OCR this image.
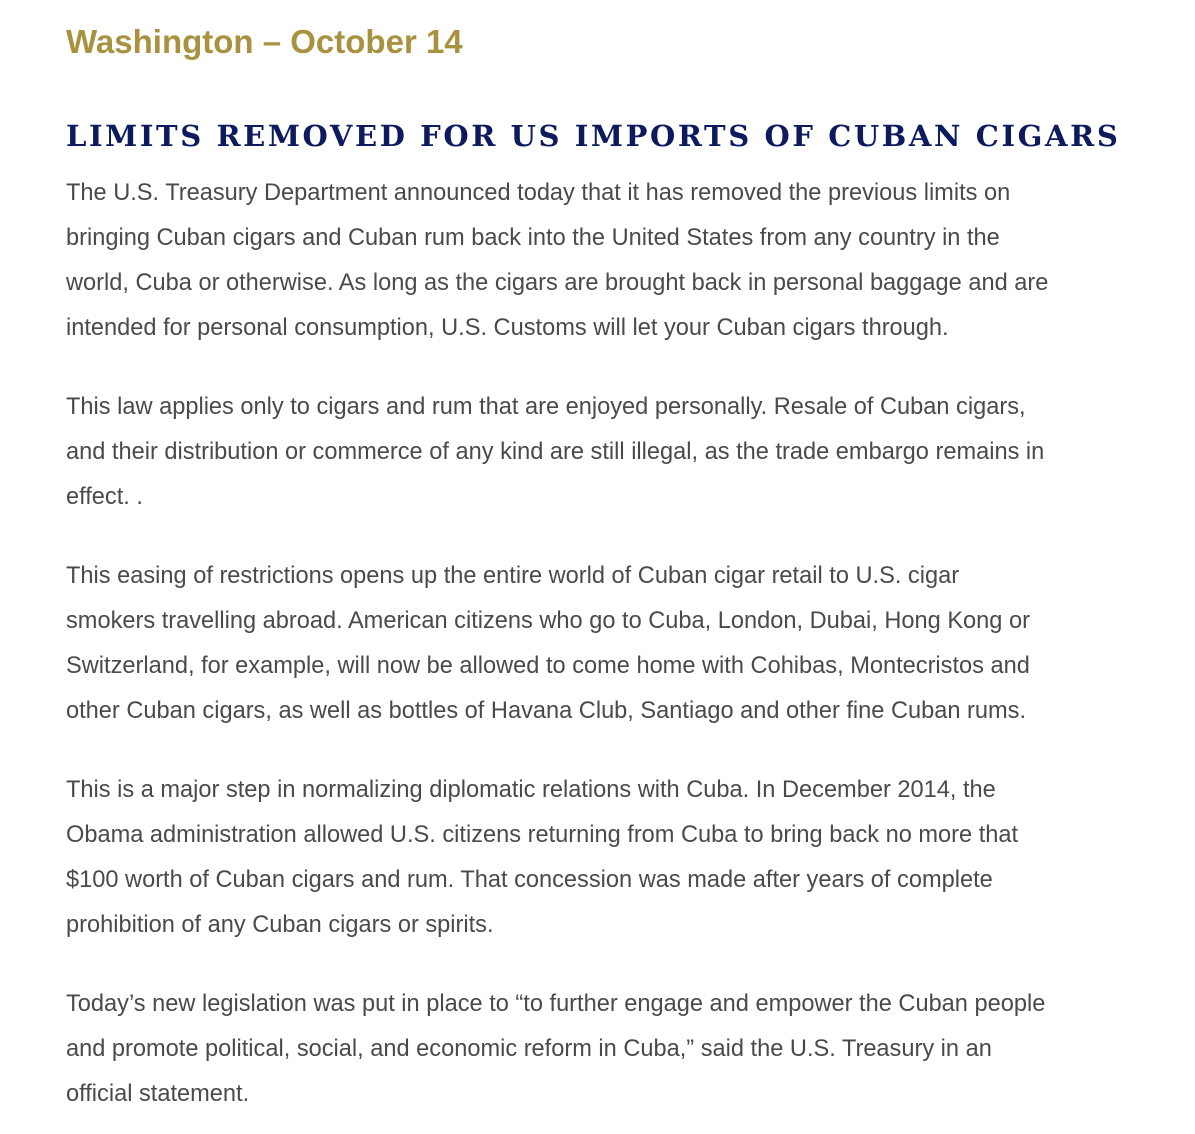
Washington – October 14
LIMITS REMOVED FOR US IMPORTS OF CUBAN CIGARS

The U.S. Treasury Department announced today that it has removed the previous limits on
bringing Cuban cigars and Cuban rum back into the United States from any country in the
world, Cuba or otherwise. As long as the cigars are brought back in personal baggage and are
intended for personal consumption, U.S. Customs will let your Cuban cigars through.

This law applies only to cigars and rum that are enjoyed personally. Resale of Cuban cigars,
and their distribution or commerce of any kind are still illegal, as the trade embargo remains in
effect. .

This easing of restrictions opens up the entire world of Cuban cigar retail to U.S. cigar
smokers travelling abroad. American citizens who go to Cuba, London, Dubai, Hong Kong or
Switzerland, for example, will now be allowed to come home with Cohibas, Montecristos and
other Cuban cigars, as well as bottles of Havana Club, Santiago and other fine Cuban rums.

This is a major step in normalizing diplomatic relations with Cuba. In December 2014, the
Obama administration allowed U.S. citizens returning from Cuba to bring back no more that
$100 worth of Cuban cigars and rum. That concession was made after years of complete
prohibition of any Cuban cigars or spirits.

Today’s new legislation was put in place to “to further engage and empower the Cuban people
and promote political, social, and economic reform in Cuba,” said the U.S. Treasury in an
official statement.
